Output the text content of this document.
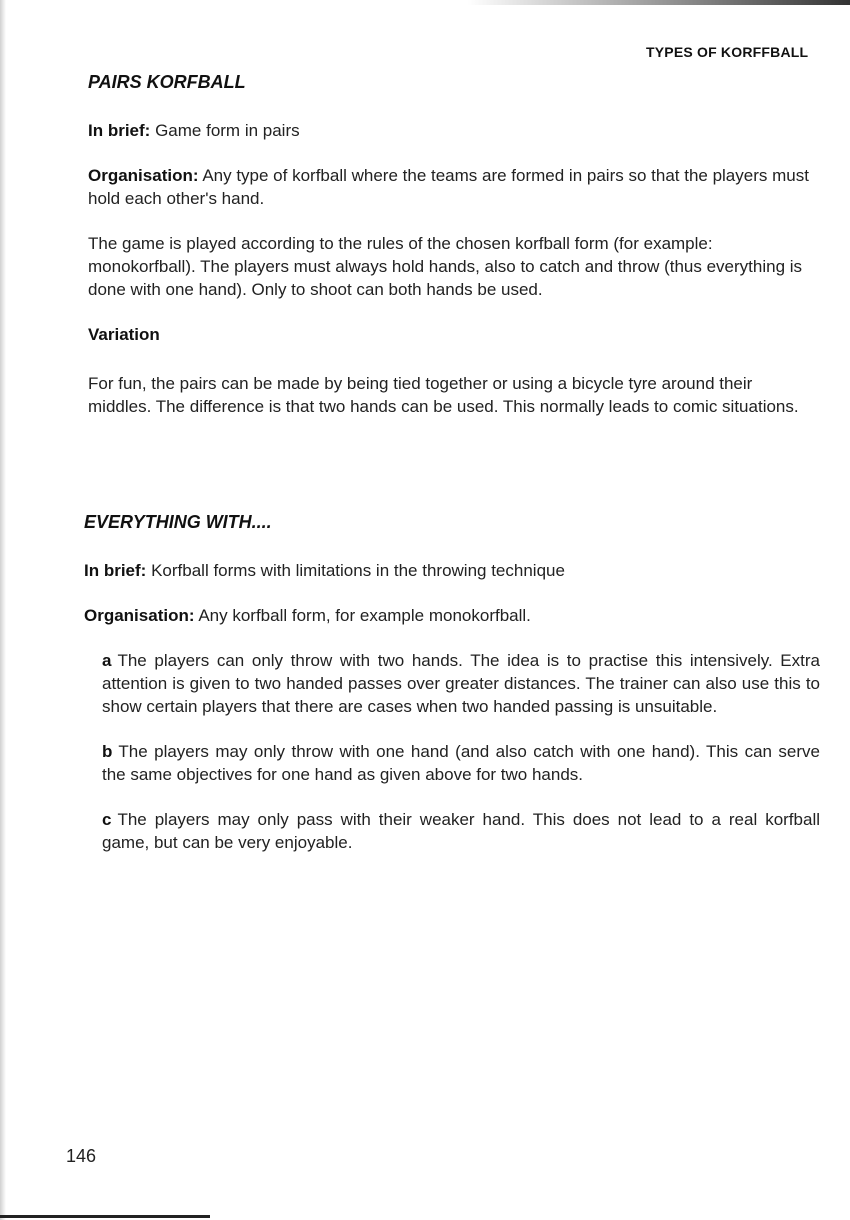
TYPES OF KORFFBALL
PAIRS KORFBALL

In brief: Game form in pairs

Organisation: Any type of korfball where the teams are formed in pairs so that the players must hold each other's hand.

The game is played according to the rules of the chosen korfball form (for example: monokorfball). The players must always hold hands, also to catch and throw (thus everything is done with one hand). Only to shoot can both hands be used.

Variation

For fun, the pairs can be made by being tied together or using a bicycle tyre around their middles. The difference is that two hands can be used. This normally leads to comic situations.

EVERYTHING WITH....

In brief: Korfball forms with limitations in the throwing technique

Organisation: Any korfball form, for example monokorfball.

a The players can only throw with two hands. The idea is to practise this intensively. Extra attention is given to two handed passes over greater distances. The trainer can also use this to show certain players that there are cases when two handed passing is unsuitable.

b The players may only throw with one hand (and also catch with one hand). This can serve the same objectives for one hand as given above for two hands.

c The players may only pass with their weaker hand. This does not lead to a real korfball game, but can be very enjoyable.

146
